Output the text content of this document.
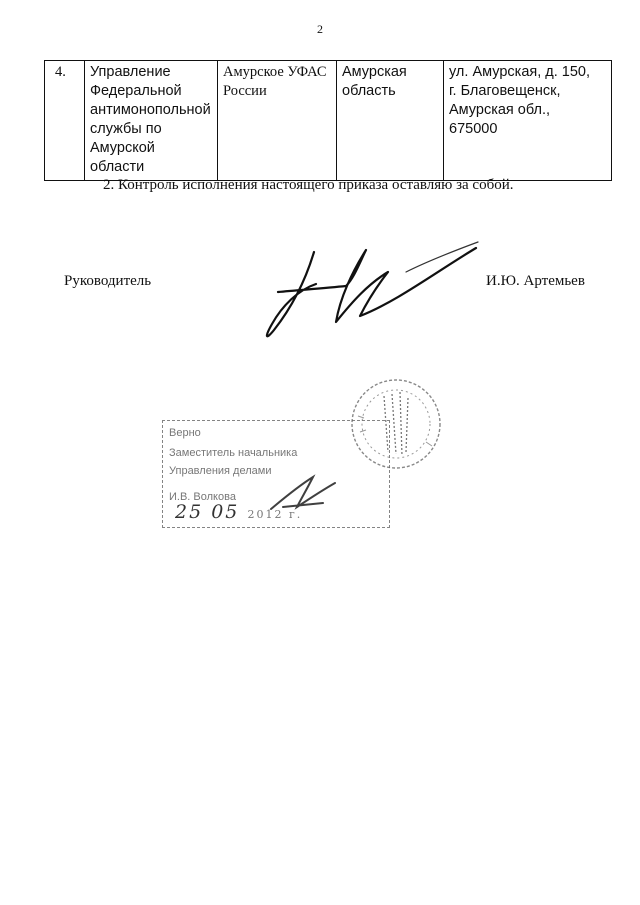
2
4.	Управление
Федеральной
антимонопольной
службы по
Амурской области

Амурское УФАС
России

Амурская
область

ул. Амурская, д. 150,
г. Благовещенск,
Амурская обл.,
675000
2. Контроль исполнения настоящего приказа оставляю за собой.
Руководитель	И.Ю. Артемьев
Верно
Заместитель начальника
Управления делами
И.В. Волкова
25 05 2012 г.
